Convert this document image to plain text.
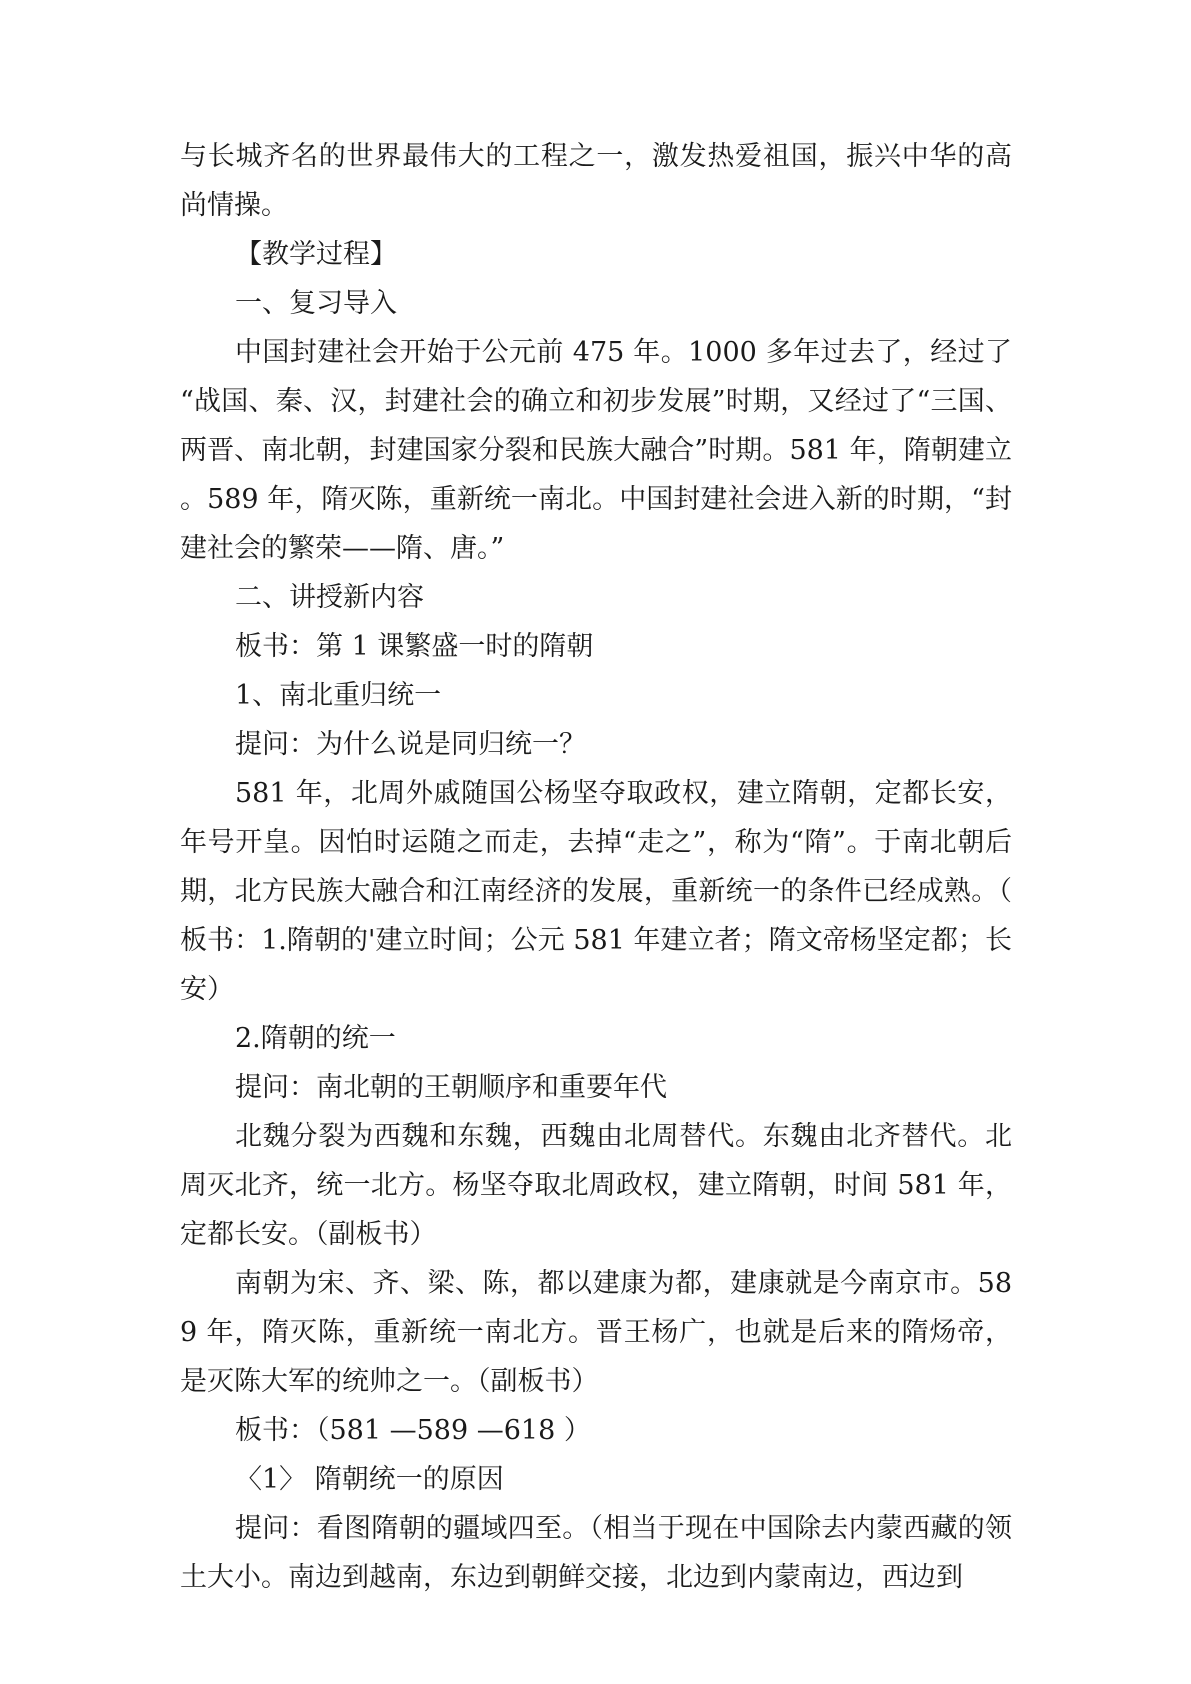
与长城齐名的世界最伟大的工程之一，激发热爱祖国，振兴中华的高尚情操。

【教学过程】

一、复习导入

中国封建社会开始于公元前 475 年。1000 多年过去了，经过了“战国、秦、汉，封建社会的确立和初步发展”时期，又经过了“三国、两晋、南北朝，封建国家分裂和民族大融合”时期。581 年，隋朝建立。589 年，隋灭陈，重新统一南北。中国封建社会进入新的时期，“封建社会的繁荣——隋、唐。”

二、讲授新内容

板书：第 1 课繁盛一时的隋朝

1、南北重归统一

提问：为什么说是同归统一？

581 年，北周外戚随国公杨坚夺取政权，建立隋朝，定都长安，年号开皇。因怕时运随之而走，去掉“走之”，称为“隋”。于南北朝后期，北方民族大融合和江南经济的发展，重新统一的条件已经成熟。（板书：1.隋朝的'建立时间；公元 581 年建立者；隋文帝杨坚定都；长安）

2.隋朝的统一

提问：南北朝的王朝顺序和重要年代

北魏分裂为西魏和东魏，西魏由北周替代。东魏由北齐替代。北周灭北齐，统一北方。杨坚夺取北周政权，建立隋朝，时间 581 年，定都长安。（副板书）

南朝为宋、齐、梁、陈，都以建康为都，建康就是今南京市。589 年，隋灭陈，重新统一南北方。晋王杨广，也就是后来的隋炀帝，是灭陈大军的统帅之一。（副板书）

板书：（581 —589 —618 ）

〈1〉 隋朝统一的原因

提问：看图隋朝的疆域四至。（相当于现在中国除去内蒙西藏的领土大小。南边到越南，东边到朝鲜交接，北边到内蒙南边，西边到
